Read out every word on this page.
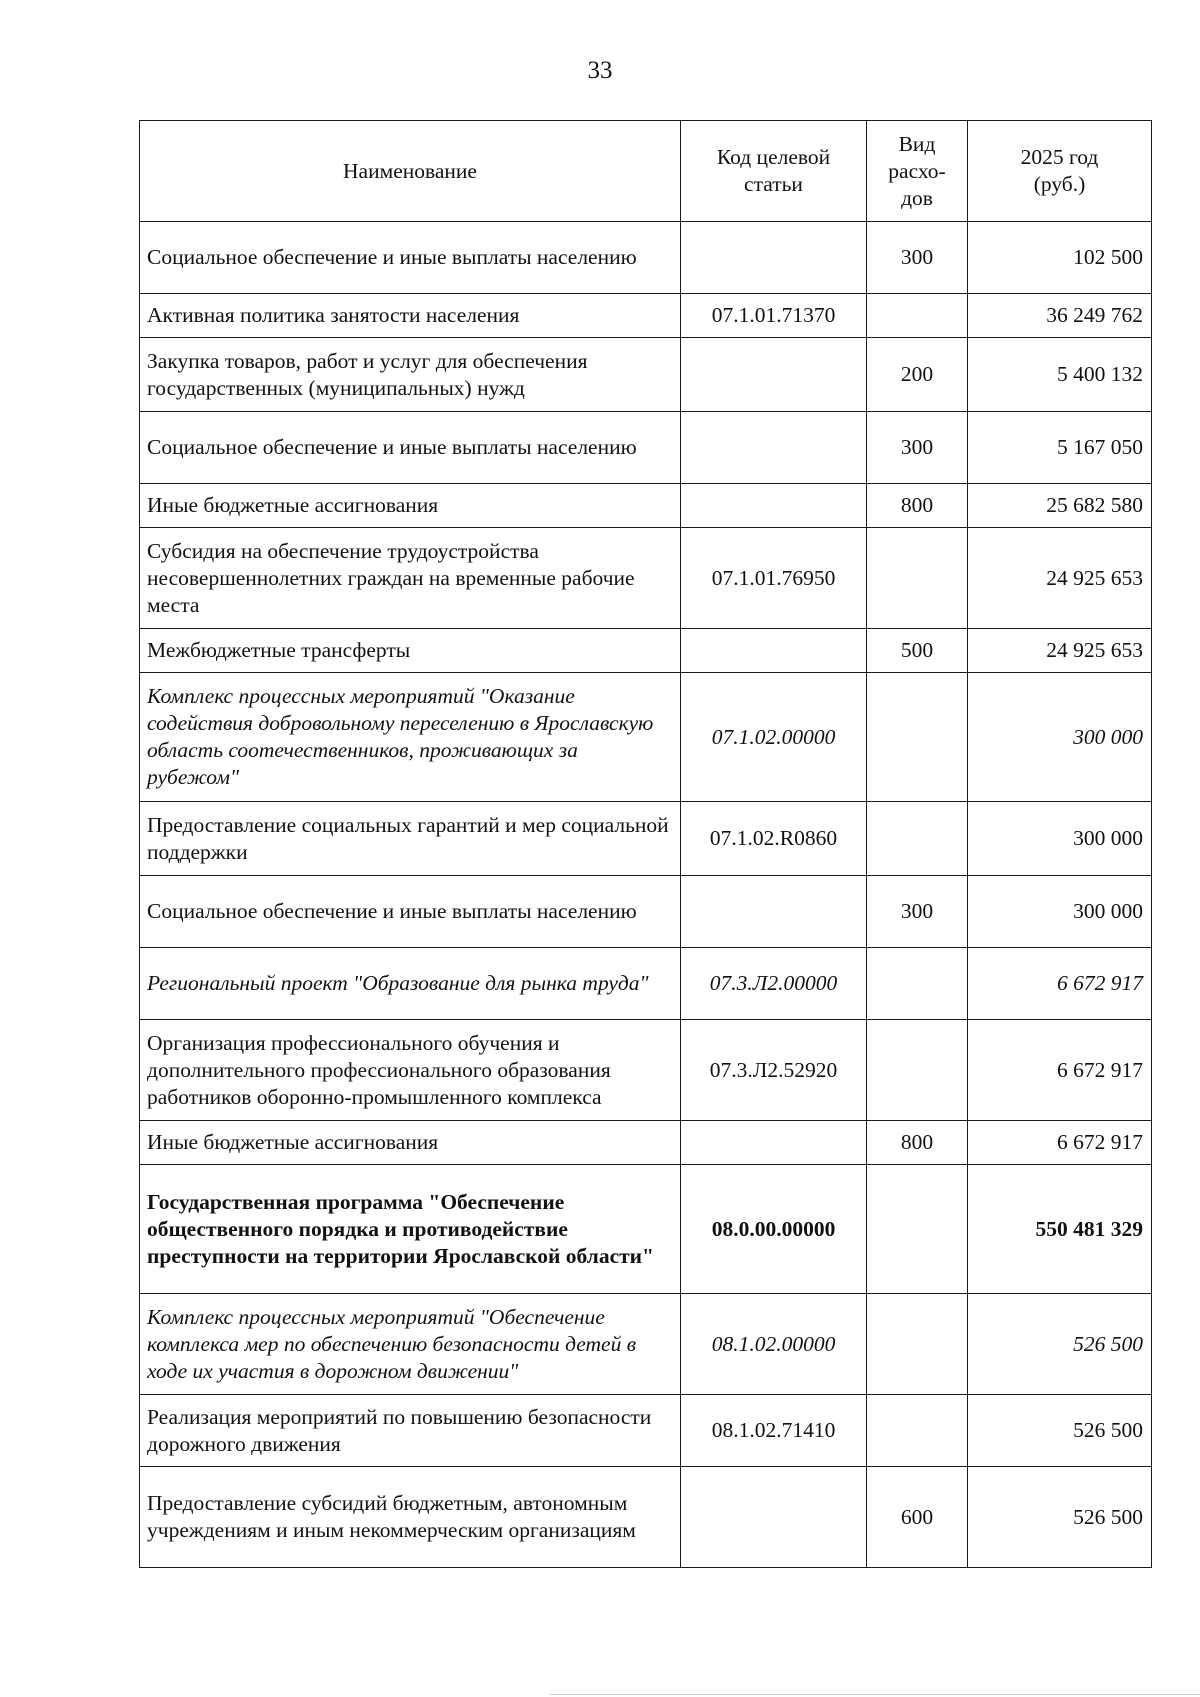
33
Наименование	Код целевой статьи	Вид расхо-дов	2025 год (руб.)
Социальное обеспечение и иные выплаты населению		300	102 500
Активная политика занятости населения	07.1.01.71370		36 249 762
Закупка товаров, работ и услуг для обеспечения государственных (муниципальных) нужд		200	5 400 132
Социальное обеспечение и иные выплаты населению		300	5 167 050
Иные бюджетные ассигнования		800	25 682 580
Субсидия на обеспечение трудоустройства несовершеннолетних граждан на временные рабочие места	07.1.01.76950		24 925 653
Межбюджетные трансферты		500	24 925 653
Комплекс процессных мероприятий "Оказание содействия добровольному переселению в Ярославскую область соотечественников, проживающих за рубежом"	07.1.02.00000		300 000
Предоставление социальных гарантий и мер социальной поддержки	07.1.02.R0860		300 000
Социальное обеспечение и иные выплаты населению		300	300 000
Региональный проект "Образование для рынка труда"	07.3.Л2.00000		6 672 917
Организация профессионального обучения и дополнительного профессионального образования работников оборонно-промышленного комплекса	07.3.Л2.52920		6 672 917
Иные бюджетные ассигнования		800	6 672 917
Государственная программа "Обеспечение общественного порядка и противодействие преступности на территории Ярославской области"	08.0.00.00000		550 481 329
Комплекс процессных мероприятий "Обеспечение комплекса мер по обеспечению безопасности детей в ходе их участия в дорожном движении"	08.1.02.00000		526 500
Реализация мероприятий по повышению безопасности дорожного движения	08.1.02.71410		526 500
Предоставление субсидий бюджетным, автономным учреждениям и иным некоммерческим организациям		600	526 500
